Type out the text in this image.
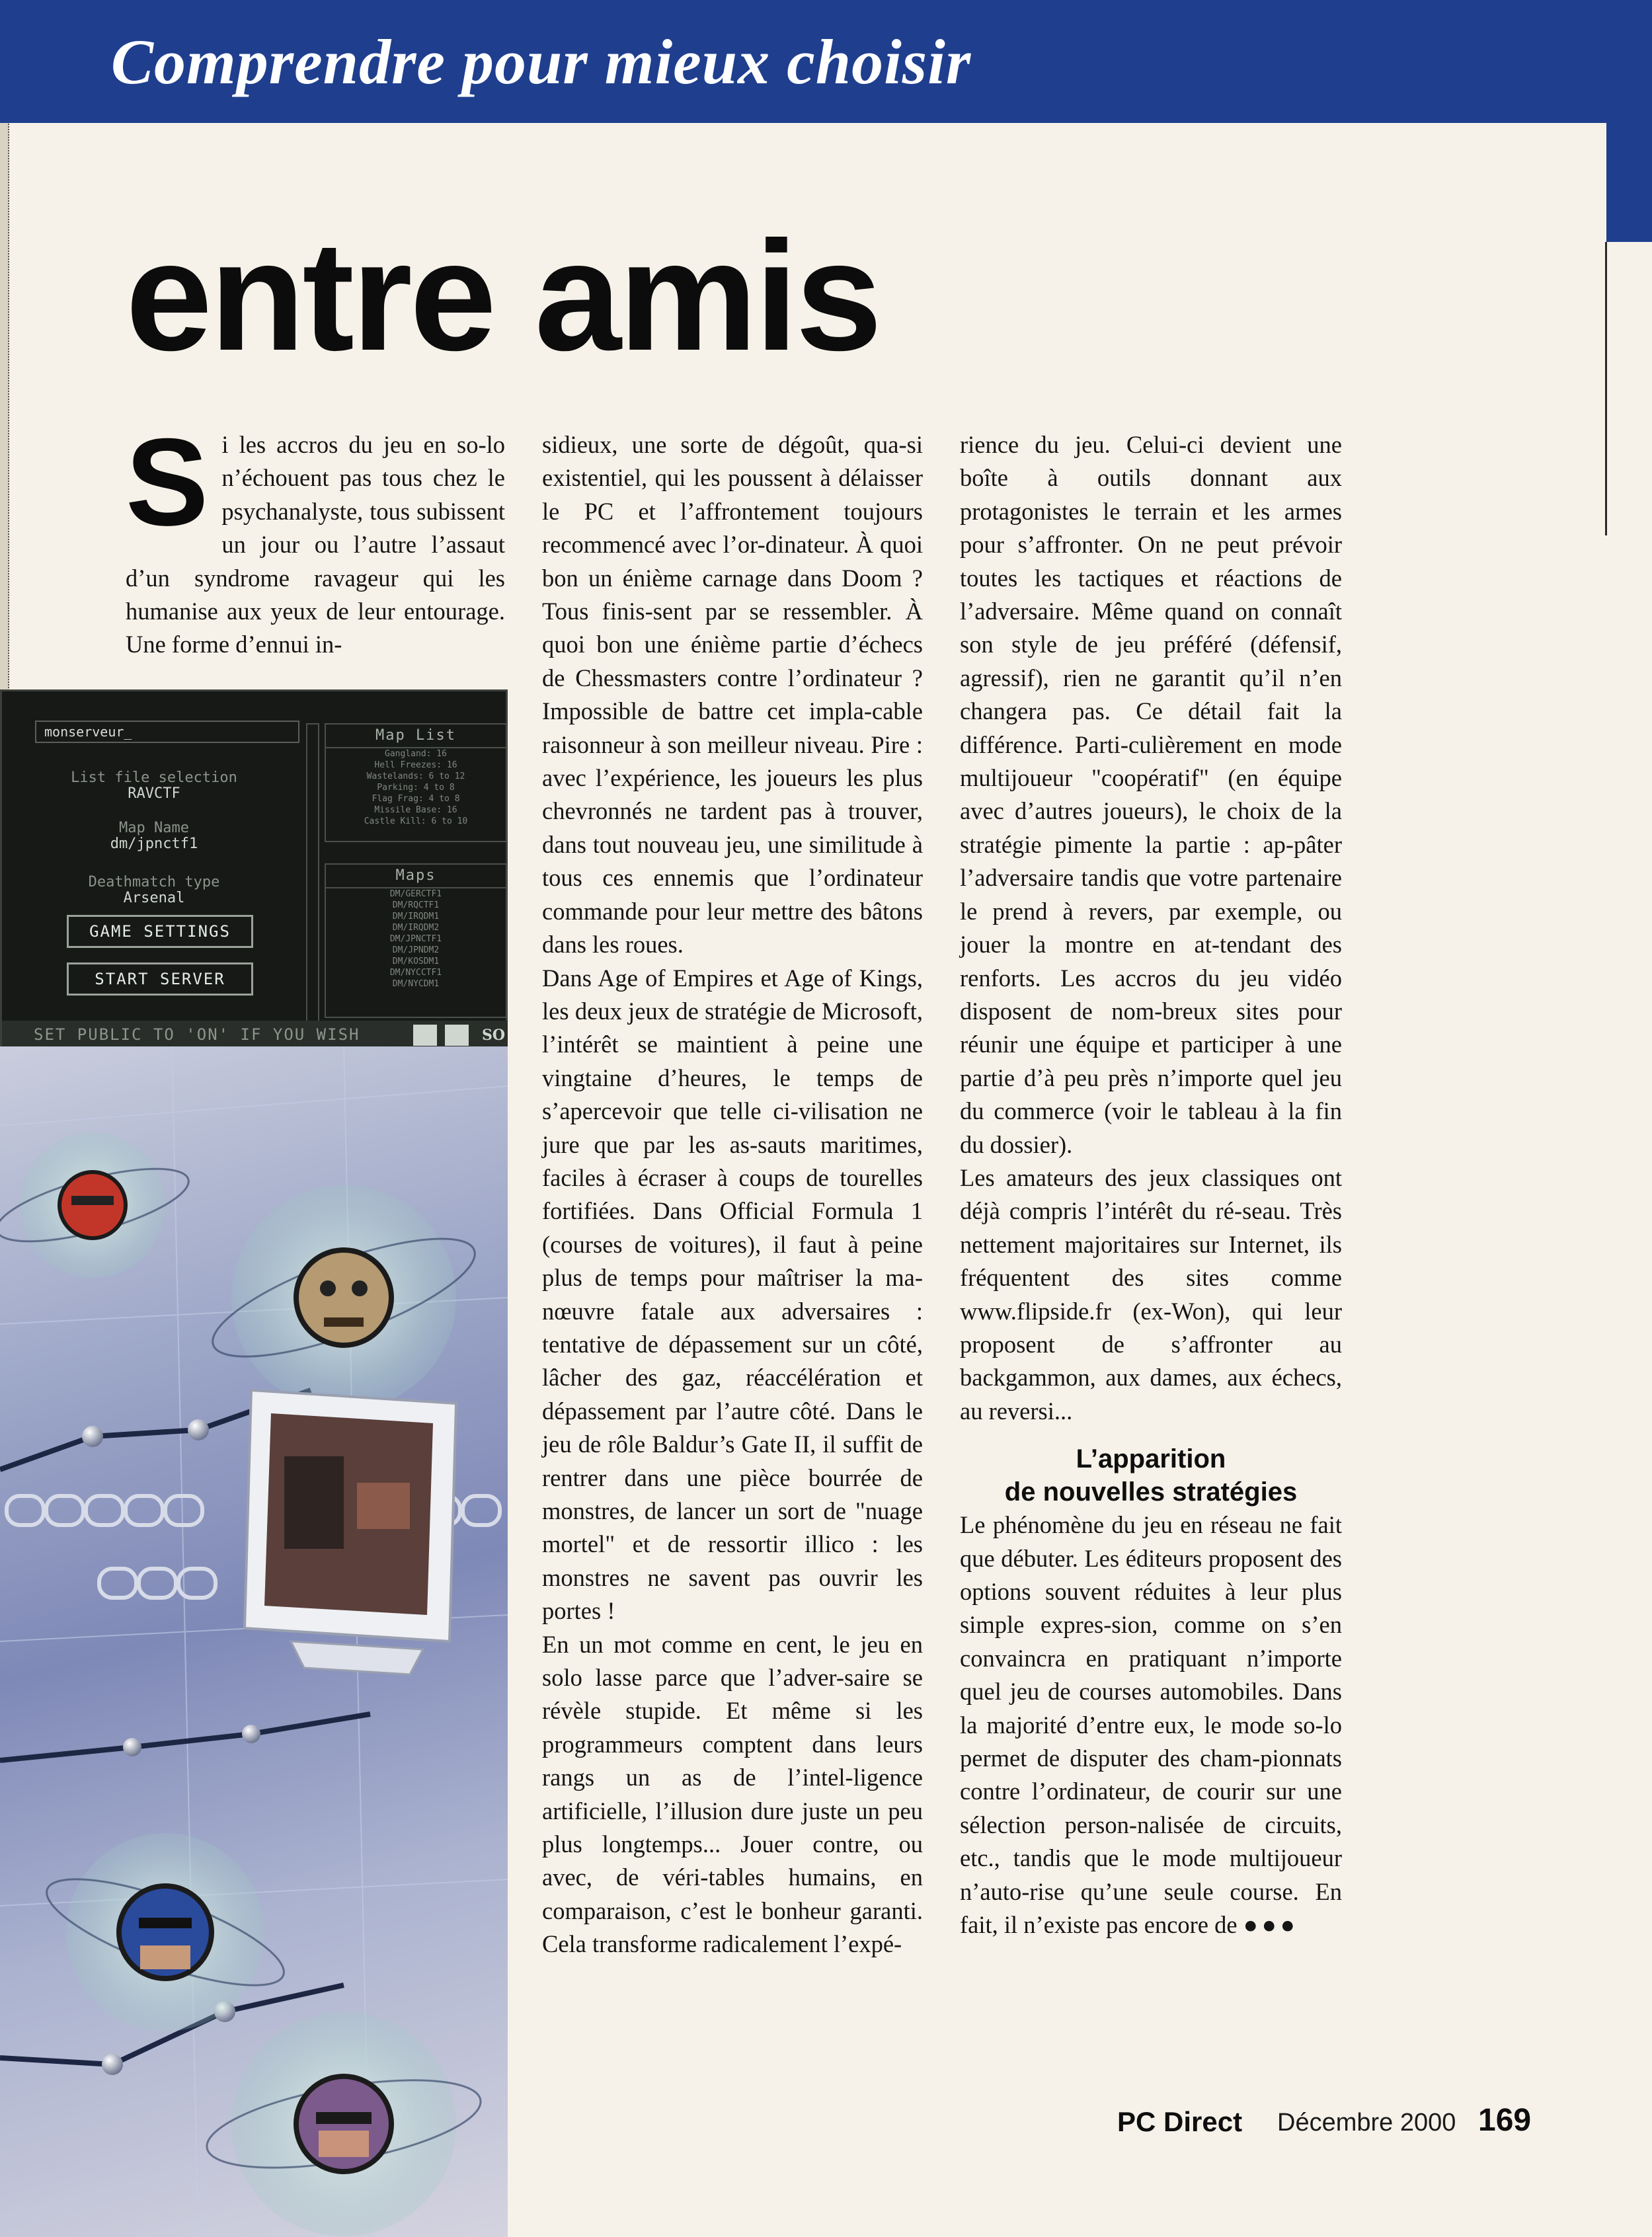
Comprendre pour mieux choisir
entre amis
S i les accros du jeu en so-lo n’échouent pas tous chez le psychanalyste, tous subissent un jour ou l’autre l’assaut d’un syndrome ravageur qui les humanise aux yeux de leur entourage. Une forme d’ennui in-

sidieux, une sorte de dégoût, qua-si existentiel, qui les poussent à délaisser le PC et l’affrontement toujours recommencé avec l’or-dinateur. À quoi bon un énième carnage dans Doom ? Tous finis-sent par se ressembler. À quoi bon une énième partie d’échecs de Chessmasters contre l’ordinateur ? Impossible de battre cet impla-cable raisonneur à son meilleur niveau. Pire : avec l’expérience, les joueurs les plus chevronnés ne tardent pas à trouver, dans tout nouveau jeu, une similitude à tous ces ennemis que l’ordinateur commande pour leur mettre des bâtons dans les roues.

Dans Age of Empires et Age of Kings, les deux jeux de stratégie de Microsoft, l’intérêt se maintient à peine une vingtaine d’heures, le temps de s’apercevoir que telle ci-vilisation ne jure que par les as-sauts maritimes, faciles à écraser à coups de tourelles fortifiées. Dans Official Formula 1 (courses de voitures), il faut à peine plus de temps pour maîtriser la ma-nœuvre fatale aux adversaires : tentative de dépassement sur un côté, lâcher des gaz, réaccélération et dépassement par l’autre côté. Dans le jeu de rôle Baldur’s Gate II, il suffit de rentrer dans une pièce bourrée de monstres, de lancer un sort de "nuage mortel" et de ressortir illico : les monstres ne savent pas ouvrir les portes !

En un mot comme en cent, le jeu en solo lasse parce que l’adver-saire se révèle stupide. Et même si les programmeurs comptent dans leurs rangs un as de l’intel-ligence artificielle, l’illusion dure juste un peu plus longtemps... Jouer contre, ou avec, de véri-tables humains, en comparaison, c’est le bonheur garanti. Cela transforme radicalement l’expé-

rience du jeu. Celui-ci devient une boîte à outils donnant aux protagonistes le terrain et les armes pour s’affronter. On ne peut prévoir toutes les tactiques et réactions de l’adversaire. Même quand on connaît son style de jeu préféré (défensif, agressif), rien ne garantit qu’il n’en changera pas. Ce détail fait la différence. Parti-culièrement en mode multijoueur "coopératif" (en équipe avec d’autres joueurs), le choix de la stratégie pimente la partie : ap-pâter l’adversaire tandis que votre partenaire le prend à revers, par exemple, ou jouer la montre en at-tendant des renforts. Les accros du jeu vidéo disposent de nom-breux sites pour réunir une équipe et participer à une partie d’à peu près n’importe quel jeu du commerce (voir le tableau à la fin du dossier).

Les amateurs des jeux classiques ont déjà compris l’intérêt du ré-seau. Très nettement majoritaires sur Internet, ils fréquentent des sites comme www.flipside.fr (ex-Won), qui leur proposent de s’affronter au backgammon, aux dames, aux échecs, au reversi...

L’apparition
de nouvelles stratégies

Le phénomène du jeu en réseau ne fait que débuter. Les éditeurs proposent des options souvent réduites à leur plus simple expres-sion, comme on s’en convaincra en pratiquant n’importe quel jeu de courses automobiles. Dans la majorité d’entre eux, le mode so-lo permet de disputer des cham-pionnats contre l’ordinateur, de courir sur une sélection person-nalisée de circuits, etc., tandis que le mode multijoueur n’auto-rise qu’une seule course. En fait, il n’existe pas encore de ●●●

monserveur_
List file selection
RAVCTF
Map Name
dm/jpnctf1
Deathmatch type
Arsenal
GAME SETTINGS
START SERVER
Map List
Gangland: 16
Hell Freezes: 16
Wastelands: 6 to 12
Parking: 4 to 8
Flag Frag: 4 to 8
Missile Base: 16
Castle Kill: 6 to 10
Maps
DM/GERCTF1
DM/RQCTF1
DM/IRQDM1
DM/IRQDM2
DM/JPNCTF1
DM/JPNDM2
DM/KOSDM1
DM/NYCCTF1
DM/NYCDM1
SET PUBLIC TO 'ON' IF YOU WISH	SO
PC Direct Décembre 2000 169
